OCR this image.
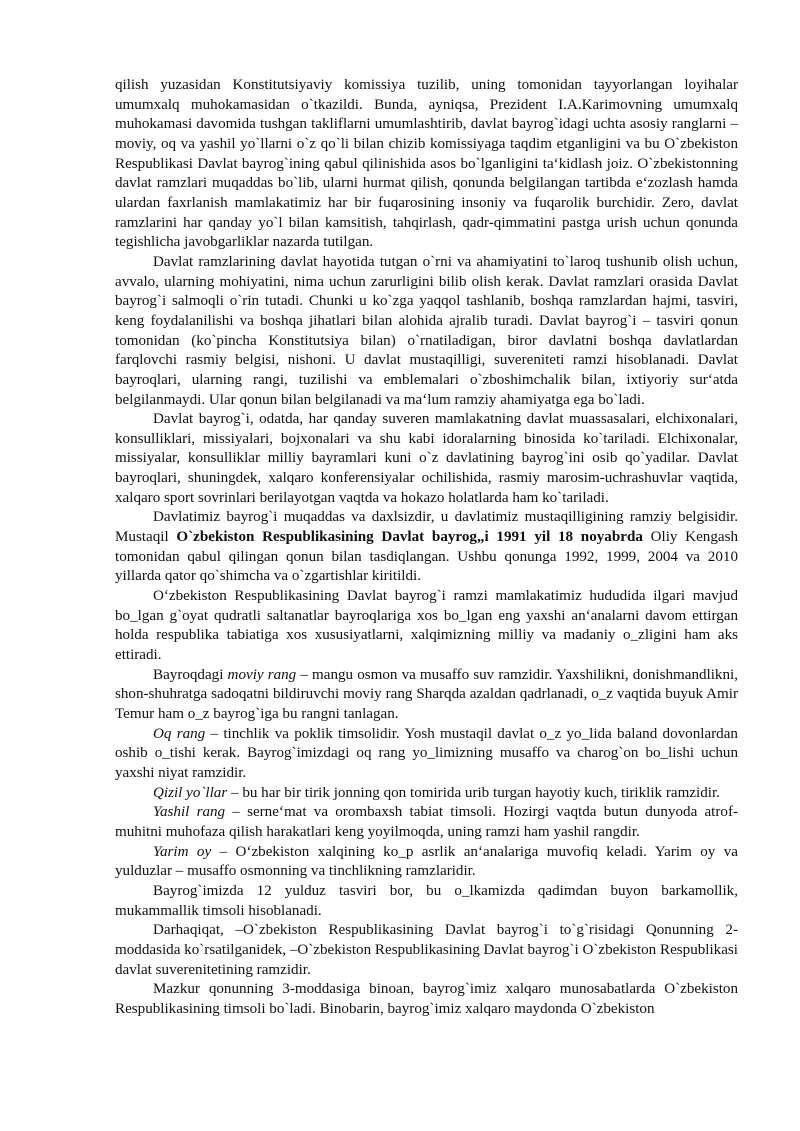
qilish yuzasidan Konstitutsiyaviy komissiya tuzilib, uning tomonidan tayyorlangan loyihalar umumxalq muhokamasidan o`tkazildi. Bunda, ayniqsa, Prezident I.A.Karimovning umumxalq muhokamasi davomida tushgan takliflarni umumlashtirib, davlat bayrog`idagi uchta asosiy ranglarni – moviy, oq va yashil yo`llarni o`z qo`li bilan chizib komissiyaga taqdim etganligini va bu O`zbekiston Respublikasi Davlat bayrog`ining qabul qilinishida asos bo`lganligini ta‘kidlash joiz. O`zbekistonning davlat ramzlari muqaddas bo`lib, ularni hurmat qilish, qonunda belgilangan tartibda e‘zozlash hamda ulardan faxrlanish mamlakatimiz har bir fuqarosining insoniy va fuqarolik burchidir. Zero, davlat ramzlarini har qanday yo`l bilan kamsitish, tahqirlash, qadr-qimmatini pastga urish uchun qonunda tegishlicha javobgarliklar nazarda tutilgan.

Davlat ramzlarining davlat hayotida tutgan o`rni va ahamiyatini to`laroq tushunib olish uchun, avvalo, ularning mohiyatini, nima uchun zarurligini bilib olish kerak. Davlat ramzlari orasida Davlat bayrog`i salmoqli o`rin tutadi. Chunki u ko`zga yaqqol tashlanib, boshqa ramzlardan hajmi, tasviri, keng foydalanilishi va boshqa jihatlari bilan alohida ajralib turadi. Davlat bayrog`i – tasviri qonun tomonidan (ko`pincha Konstitutsiya bilan) o`rnatiladigan, biror davlatni boshqa davlatlardan farqlovchi rasmiy belgisi, nishoni. U davlat mustaqilligi, suvereniteti ramzi hisoblanadi. Davlat bayroqlari, ularning rangi, tuzilishi va emblemalari o`zboshimchalik bilan, ixtiyoriy sur‘atda belgilanmaydi. Ular qonun bilan belgilanadi va ma‘lum ramziy ahamiyatga ega bo`ladi.

Davlat bayrog`i, odatda, har qanday suveren mamlakatning davlat muassasalari, elchixonalari, konsulliklari, missiyalari, bojxonalari va shu kabi idoralarning binosida ko`tariladi. Elchixonalar, missiyalar, konsulliklar milliy bayramlari kuni o`z davlatining bayrog`ini osib qo`yadilar. Davlat bayroqlari, shuningdek, xalqaro konferensiyalar ochilishida, rasmiy marosim-uchrashuvlar vaqtida, xalqaro sport sovrinlari berilayotgan vaqtda va hokazo holatlarda ham ko`tariladi.

Davlatimiz bayrog`i muqaddas va daxlsizdir, u davlatimiz mustaqilligining ramziy belgisidir. Mustaqil O`zbekiston Respublikasining Davlat bayrog„i 1991 yil 18 noyabrda Oliy Kengash tomonidan qabul qilingan qonun bilan tasdiqlangan. Ushbu qonunga 1992, 1999, 2004 va 2010 yillarda qator qo`shimcha va o`zgartishlar kiritildi.

O‘zbekiston Respublikasining Davlat bayrog`i ramzi mamlakatimiz hududida ilgari mavjud bo_lgan g`oyat qudratli saltanatlar bayroqlariga xos bo_lgan eng yaxshi an‘analarni davom ettirgan holda respublika tabiatiga xos xususiyatlarni, xalqimizning milliy va madaniy o_zligini ham aks ettiradi.

Bayroqdagi moviy rang – mangu osmon va musaffo suv ramzidir. Yaxshilikni, donishmandlikni, shon-shuhratga sadoqatni bildiruvchi moviy rang Sharqda azaldan qadrlanadi, o_z vaqtida buyuk Amir Temur ham o_z bayrog`iga bu rangni tanlagan.

Oq rang – tinchlik va poklik timsolidir. Yosh mustaqil davlat o_z yo_lida baland dovonlardan oshib o_tishi kerak. Bayrog`imizdagi oq rang yo_limizning musaffo va charog`on bo_lishi uchun yaxshi niyat ramzidir.

Qizil yo`llar – bu har bir tirik jonning qon tomirida urib turgan hayotiy kuch, tiriklik ramzidir.

Yashil rang – serne‘mat va orombaxsh tabiat timsoli. Hozirgi vaqtda butun dunyoda atrof-muhitni muhofaza qilish harakatlari keng yoyilmoqda, uning ramzi ham yashil rangdir.

Yarim oy – O‘zbekiston xalqining ko_p asrlik an‘analariga muvofiq keladi. Yarim oy va yulduzlar – musaffo osmonning va tinchlikning ramzlaridir.

Bayrog`imizda 12 yulduz tasviri bor, bu o_lkamizda qadimdan buyon barkamollik, mukammallik timsoli hisoblanadi.

Darhaqiqat, –O`zbekiston Respublikasining Davlat bayrog`i to`g`risidagi Qonunning 2-moddasida ko`rsatilganidek, –O`zbekiston Respublikasining Davlat bayrog`i O`zbekiston Respublikasi davlat suverenitetining ramzidir.

Mazkur qonunning 3-moddasiga binoan, bayrog`imiz xalqaro munosabatlarda O`zbekiston Respublikasining timsoli bo`ladi. Binobarin, bayrog`imiz xalqaro maydonda O`zbekiston
